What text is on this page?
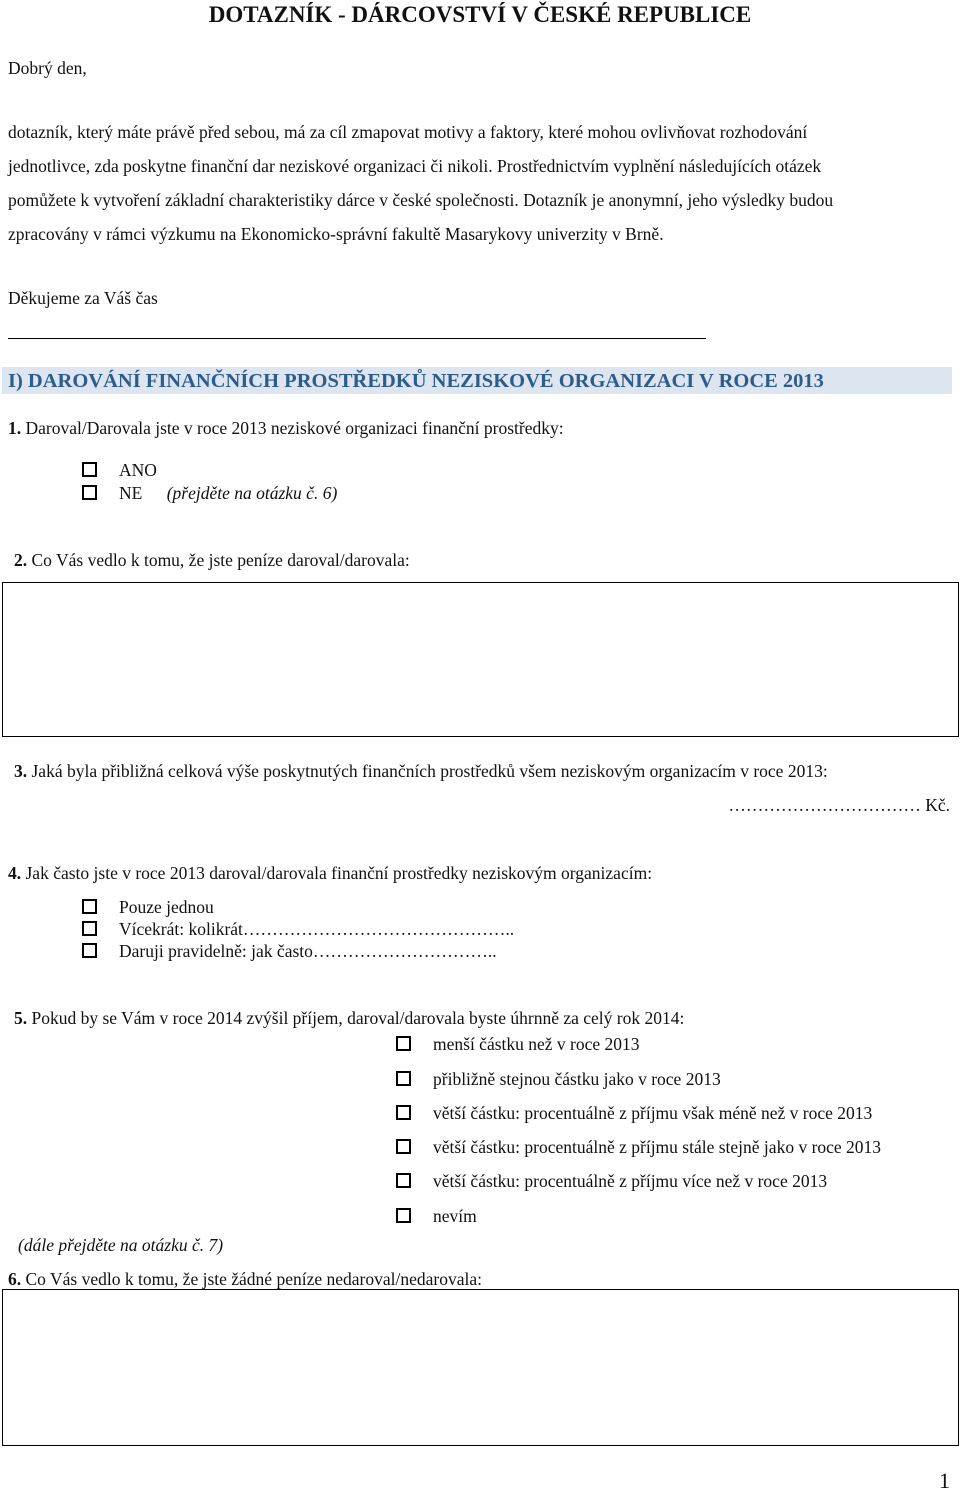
DOTAZNÍK - DÁRCOVSTVÍ V ČESKÉ REPUBLICE
Dobrý den,
dotazník, který máte právě před sebou, má za cíl zmapovat motivy a faktory, které mohou ovlivňovat rozhodování
jednotlivce, zda poskytne finanční dar neziskové organizaci či nikoli. Prostřednictvím vyplnění následujících otázek
pomůžete k vytvoření základní charakteristiky dárce v české společnosti. Dotazník je anonymní, jeho výsledky budou
zpracovány v rámci výzkumu na Ekonomicko-správní fakultě Masarykovy univerzity v Brně.
Děkujeme za Váš čas
I) DAROVÁNÍ FINANČNÍCH PROSTŘEDKŮ NEZISKOVÉ ORGANIZACI V ROCE 2013
1. Daroval/Darovala jste v roce 2013 neziskové organizaci finanční prostředky:
ANO
NE (přejděte na otázku č. 6)
2. Co Vás vedlo k tomu, že jste peníze daroval/darovala:
3. Jaká byla přibližná celková výše poskytnutých finančních prostředků všem neziskovým organizacím v roce 2013:
…………………………… Kč.
4. Jak často jste v roce 2013 daroval/darovala finanční prostředky neziskovým organizacím:
Pouze jednou
Vícekrát: kolikrát………………………………………..
Daruji pravidelně: jak často…………………………..
5. Pokud by se Vám v roce 2014 zvýšil příjem, daroval/darovala byste úhrnně za celý rok 2014:
menší částku než v roce 2013
přibližně stejnou částku jako v roce 2013
větší částku: procentuálně z příjmu však méně než v roce 2013
větší částku: procentuálně z příjmu stále stejně jako v roce 2013
větší částku: procentuálně z příjmu více než v roce 2013
nevím
(dále přejděte na otázku č. 7)
6. Co Vás vedlo k tomu, že jste žádné peníze nedaroval/nedarovala:
1
